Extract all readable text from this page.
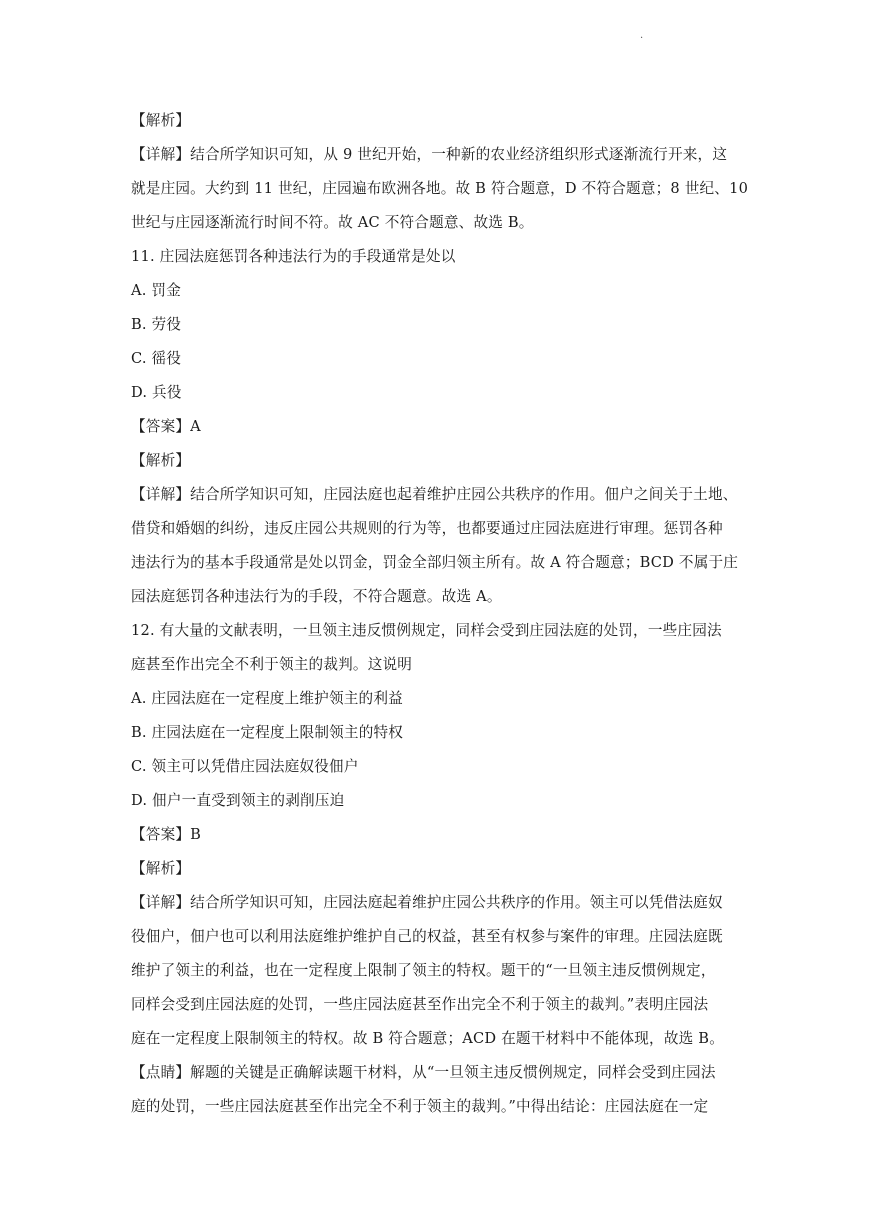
.
【解析】
【详解】结合所学知识可知，从 9 世纪开始，一种新的农业经济组织形式逐渐流行开来，这
就是庄园。大约到 11 世纪，庄园遍布欧洲各地。故 B 符合题意，D 不符合题意；8 世纪、10
世纪与庄园逐渐流行时间不符。故 AC 不符合题意、故选 B。
11. 庄园法庭惩罚各种违法行为的手段通常是处以
A. 罚金
B. 劳役
C. 徭役
D. 兵役
【答案】A
【解析】
【详解】结合所学知识可知，庄园法庭也起着维护庄园公共秩序的作用。佃户之间关于土地、
借贷和婚姻的纠纷，违反庄园公共规则的行为等，也都要通过庄园法庭进行审理。惩罚各种
违法行为的基本手段通常是处以罚金，罚金全部归领主所有。故 A 符合题意；BCD 不属于庄
园法庭惩罚各种违法行为的手段，不符合题意。故选 A。
12. 有大量的文献表明，一旦领主违反惯例规定，同样会受到庄园法庭的处罚，一些庄园法
庭甚至作出完全不利于领主的裁判。这说明
A. 庄园法庭在一定程度上维护领主的利益
B. 庄园法庭在一定程度上限制领主的特权
C. 领主可以凭借庄园法庭奴役佃户
D. 佃户一直受到领主的剥削压迫
【答案】B
【解析】
【详解】结合所学知识可知，庄园法庭起着维护庄园公共秩序的作用。领主可以凭借法庭奴
役佃户，佃户也可以利用法庭维护维护自己的权益，甚至有权参与案件的审理。庄园法庭既
维护了领主的利益，也在一定程度上限制了领主的特权。题干的“一旦领主违反惯例规定，
同样会受到庄园法庭的处罚，一些庄园法庭甚至作出完全不利于领主的裁判。”表明庄园法
庭在一定程度上限制领主的特权。故 B 符合题意；ACD 在题干材料中不能体现，故选 B。
【点睛】解题的关键是正确解读题干材料，从“一旦领主违反惯例规定，同样会受到庄园法
庭的处罚，一些庄园法庭甚至作出完全不利于领主的裁判。”中得出结论：庄园法庭在一定
